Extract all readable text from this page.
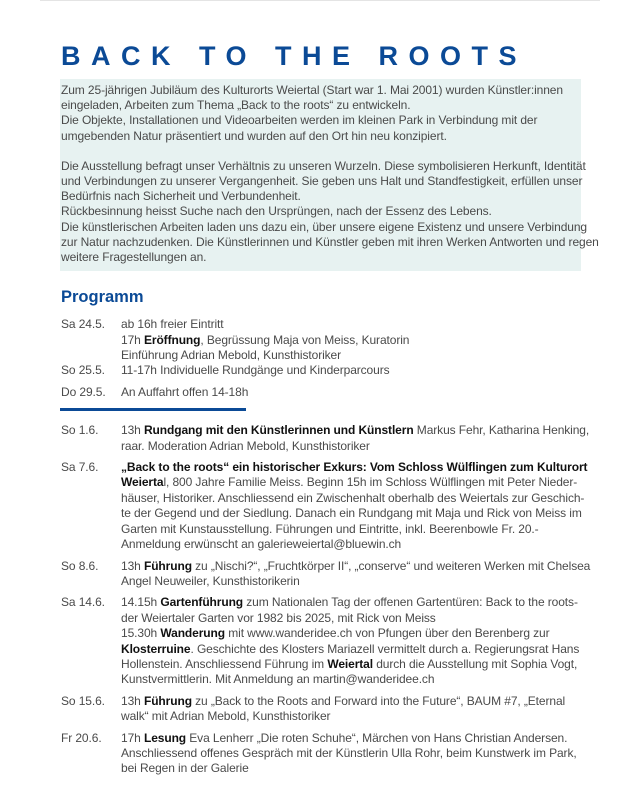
BACK TO THE ROOTS

Zum 25-jährigen Jubiläum des Kulturorts Weiertal (Start war 1. Mai 2001) wurden Künstler:innen

eingeladen, Arbeiten zum Thema „Back to the roots“ zu entwickeln.

Die Objekte, Installationen und Videoarbeiten werden im kleinen Park in Verbindung mit der

umgebenden Natur präsentiert und wurden auf den Ort hin neu konzipiert.

Die Ausstellung befragt unser Verhältnis zu unseren Wurzeln. Diese symbolisieren Herkunft, Identität

und Verbindungen zu unserer Vergangenheit. Sie geben uns Halt und Standfestigkeit, erfüllen unser

Bedürfnis nach Sicherheit und Verbundenheit.

Rückbesinnung heisst Suche nach den Ursprüngen, nach der Essenz des Lebens.

Die künstlerischen Arbeiten laden uns dazu ein, über unsere eigene Existenz und unsere Verbindung

zur Natur nachzudenken. Die Künstlerinnen und Künstler geben mit ihren Werken Antworten und regen

weitere Fragestellungen an.

Programm
Sa 24.5.	ab 16h freier Eintritt
17h Eröffnung, Begrüssung Maja von Meiss, Kuratorin
Einführung Adrian Mebold, Kunsthistoriker
So 25.5.	11-17h Individuelle Rundgänge und Kinderparcours
Do 29.5.	An Auffahrt offen 14-18h
So 1.6.	13h Rundgang mit den Künstlerinnen und Künstlern Markus Fehr, Katharina Henking,
raar. Moderation Adrian Mebold, Kunsthistoriker
Sa 7.6.	„Back to the roots“ ein historischer Exkurs: Vom Schloss Wülflingen zum Kulturort
Weiertal, 800 Jahre Familie Meiss. Beginn 15h im Schloss Wülflingen mit Peter Nieder-
häuser, Historiker. Anschliessend ein Zwischenhalt oberhalb des Weiertals zur Geschich-
te der Gegend und der Siedlung. Danach ein Rundgang mit Maja und Rick von Meiss im
Garten mit Kunstausstellung. Führungen und Eintritte, inkl. Beerenbowle Fr. 20.-
Anmeldung erwünscht an galerieweiertal@bluewin.ch
So 8.6.	13h Führung zu „Nischi?“, „Fruchtkörper II“, „conserve“ und weiteren Werken mit Chelsea
Angel Neuweiler, Kunsthistorikerin
Sa 14.6.	14.15h Gartenführung zum Nationalen Tag der offenen Gartentüren: Back to the roots-
der Weiertaler Garten vor 1982 bis 2025, mit Rick von Meiss
15.30h Wanderung mit www.wanderidee.ch von Pfungen über den Berenberg zur
Klosterruine. Geschichte des Klosters Mariazell vermittelt durch a. Regierungsrat Hans
Hollenstein. Anschliessend Führung im Weiertal durch die Ausstellung mit Sophia Vogt,
Kunstvermittlerin. Mit Anmeldung an martin@wanderidee.ch
So 15.6.	13h Führung zu „Back to the Roots and Forward into the Future“, BAUM #7, „Eternal
walk“ mit Adrian Mebold, Kunsthistoriker
Fr 20.6.	17h Lesung Eva Lenherr „Die roten Schuhe“, Märchen von Hans Christian Andersen.
Anschliessend offenes Gespräch mit der Künstlerin Ulla Rohr, beim Kunstwerk im Park,
bei Regen in der Galerie
